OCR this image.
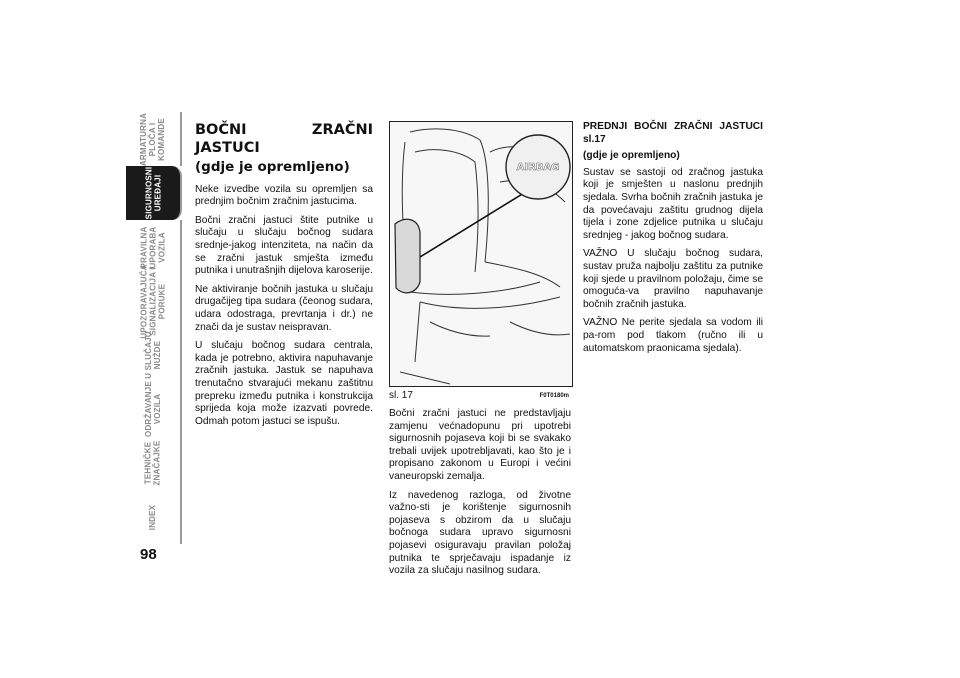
ARMATURNA
PLOČA I
KOMANDE
SIGURNOSNI
UREĐAJI
PRAVILNA
UPORABA
VOZILA
UPOZORAVAJUĆA
SIGNALIZACIJA I
PORUKE
U SLUČAJU
NUŽDE
ODRŽAVANJE
VOZILA
TEHNIČKE
ZNAČAJKE
INDEX
98
BOČNI ZRAČNI JASTUCI
(gdje je opremljeno)

Neke izvedbe vozila su opremljen sa prednjim bočnim zračnim jastucima.

Bočni zračni jastuci štite putnike u slučaju u slučaju bočnog sudara srednje-jakog intenziteta, na način da se zračni jastuk smješta između putnika i unutrašnjih dijelova karoserije.

Ne aktiviranje bočnih jastuka u slučaju drugačijeg tipa sudara (čeonog sudara, udara odostraga, prevrtanja i dr.) ne znači da je sustav neispravan.

U slučaju bočnog sudara centrala, kada je potrebno, aktivira napuhavanje zračnih jastuka. Jastuk se napuhava trenutačno stvarajući mekanu zaštitnu prepreku između putnika i konstrukcija sprijeda koja može izazvati povrede. Odmah potom jastuci se ispušu.

AIRBAG
sl. 17	F0T0180m

Bočni zračni jastuci ne predstavljaju zamjenu većnadopunu pri upotrebi sigurnosnih pojaseva koji bi se svakako trebali uvijek upotrebljavati, kao što je i propisano zakonom u Europi i većini vaneuropski zemalja.

Iz navedenog razloga, od životne važno-sti je korištenje sigurnosnih pojaseva s obzirom da u slučaju bočnoga sudara upravo sigurnosni pojasevi osiguravaju pravilan položaj putnika te sprječavaju ispadanje iz vozila za slučaju nasilnog sudara.

PREDNJI BOČNI ZRAČNI JASTUCI sl.17
(gdje je opremljeno)

Sustav se sastoji od zračnog jastuka koji je smješten u naslonu prednjih sjedala. Svrha bočnih zračnih jastuka je da povećavaju zaštitu grudnog dijela tijela i zone zdjelice putnika u slučaju srednjeg - jakog bočnog sudara.

VAŽNO U slučaju bočnog sudara, sustav pruža najbolju zaštitu za putnike koji sjede u pravilnom položaju, čime se omogućа-va pravilno napuhavanje bočnih zračnih jastuka.

VAŽNO Ne perite sjedala sa vodom ili pa-rom pod tlakom (ručno ili u automatskom praonicama sjedala).
